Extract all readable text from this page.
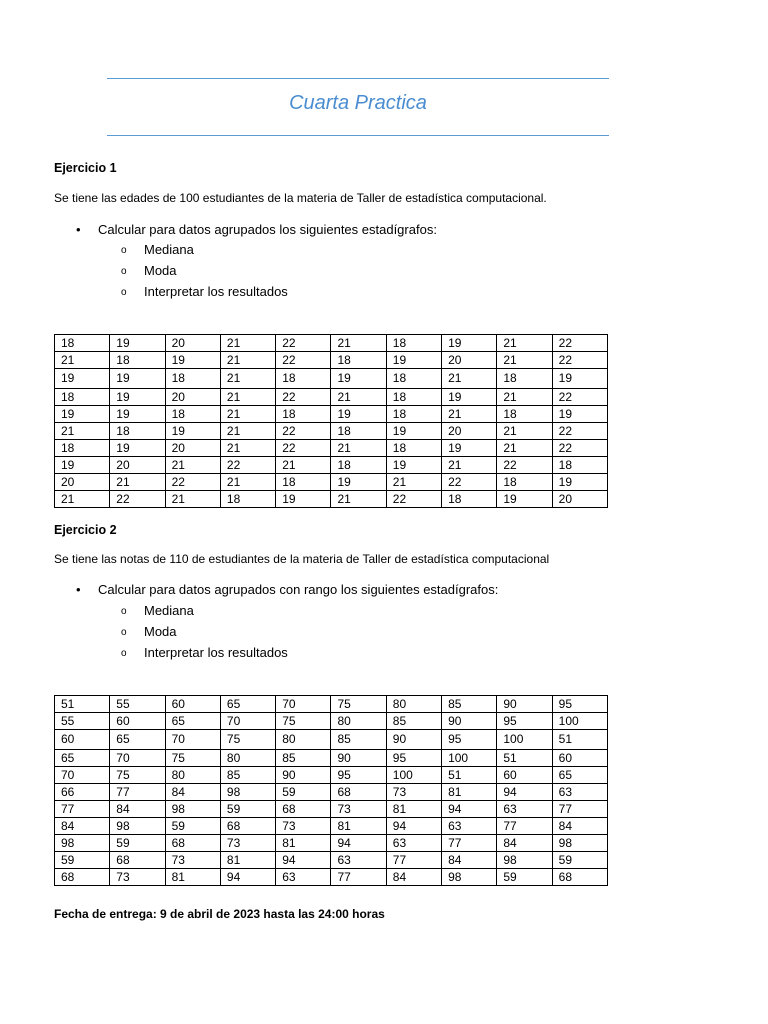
Cuarta Practica
Ejercicio 1
Se tiene las edades de 100 estudiantes de la materia de Taller de estadística computacional.
• Calcular para datos agrupados los siguientes estadígrafos:
o Mediana
o Moda
o Interpretar los resultados
18	19	20	21	22	21	18	19	21	22
21	18	19	21	22	18	19	20	21	22
19	19	18	21	18	19	18	21	18	19
18	19	20	21	22	21	18	19	21	22
19	19	18	21	18	19	18	21	18	19
21	18	19	21	22	18	19	20	21	22
18	19	20	21	22	21	18	19	21	22
19	20	21	22	21	18	19	21	22	18
20	21	22	21	18	19	21	22	18	19
21	22	21	18	19	21	22	18	19	20
Ejercicio 2
Se tiene las notas de 110 de estudiantes de la materia de Taller de estadística computacional
• Calcular para datos agrupados con rango los siguientes estadígrafos:
o Mediana
o Moda
o Interpretar los resultados
51	55	60	65	70	75	80	85	90	95
55	60	65	70	75	80	85	90	95	100
60	65	70	75	80	85	90	95	100	51
65	70	75	80	85	90	95	100	51	60
70	75	80	85	90	95	100	51	60	65
66	77	84	98	59	68	73	81	94	63
77	84	98	59	68	73	81	94	63	77
84	98	59	68	73	81	94	63	77	84
98	59	68	73	81	94	63	77	84	98
59	68	73	81	94	63	77	84	98	59
68	73	81	94	63	77	84	98	59	68
Fecha de entrega: 9 de abril de 2023 hasta las 24:00 horas
